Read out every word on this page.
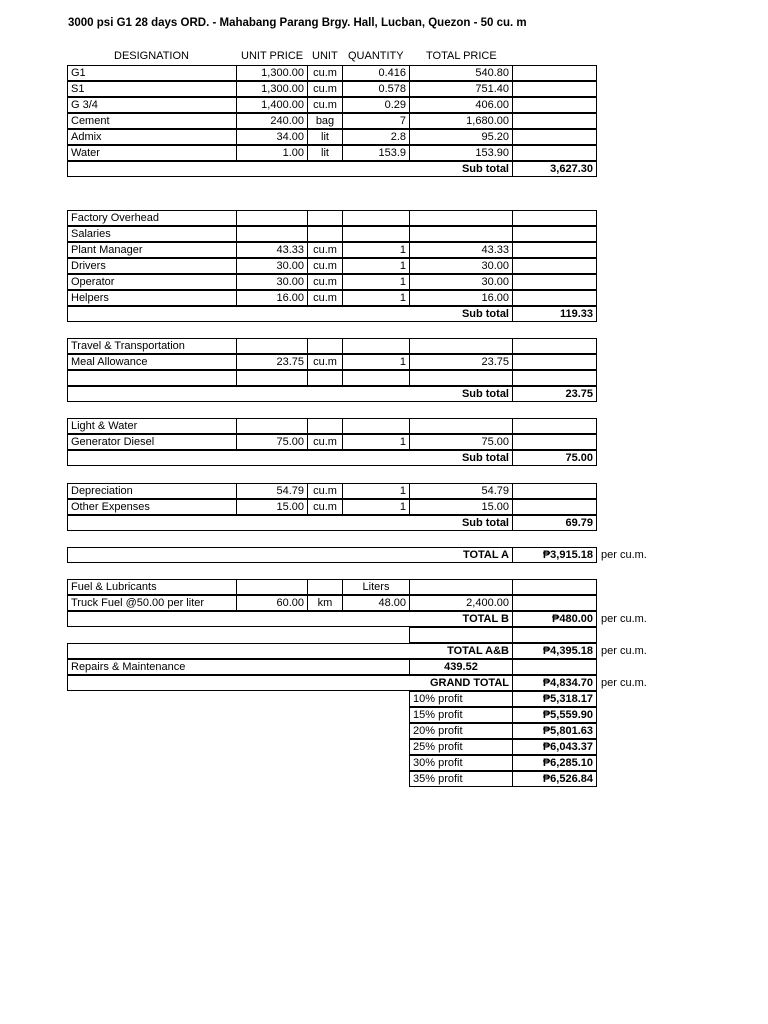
3000 psi G1 28 days ORD. - Mahabang Parang Brgy. Hall, Lucban, Quezon - 50 cu. m
DESIGNATION	UNIT PRICE UNIT QUANTITY TOTAL PRICE
G1	1,300.00 cu.m	0.416	540.80
S1	1,300.00 cu.m	0.578	751.40
G 3/4	1,400.00 cu.m	0.29	406.00
Cement	240.00	bag	7	1,680.00
Admix	34.00	lit	2.8	95.20
Water	1.00	lit	153.9	153.90
Sub total	3,627.30
Factory Overhead
Salaries
Plant Manager	43.33 cu.m	1	43.33
Drivers	30.00 cu.m	1	30.00
Operator	30.00 cu.m	1	30.00
Helpers	16.00 cu.m	1	16.00
Sub total	119.33
Travel & Transportation
Meal Allowance	23.75 cu.m	1	23.75
Sub total	23.75
Light & Water
Generator Diesel	75.00 cu.m	1	75.00
Sub total	75.00
Depreciation	54.79 cu.m	1	54.79
Other Expenses	15.00 cu.m	1	15.00
Sub total	69.79
TOTAL A	₱3,915.18 per cu.m.
Fuel & Lubricants	Liters
Truck Fuel @50.00 per liter	60.00	km	48.00	2,400.00
TOTAL B	₱480.00 per cu.m.
TOTAL A&B	₱4,395.18 per cu.m.
Repairs & Maintenance	439.52
GRAND TOTAL	₱4,834.70 per cu.m.
10% profit	₱5,318.17
15% profit	₱5,559.90
20% profit	₱5,801.63
25% profit	₱6,043.37
30% profit	₱6,285.10
35% profit	₱6,526.84
